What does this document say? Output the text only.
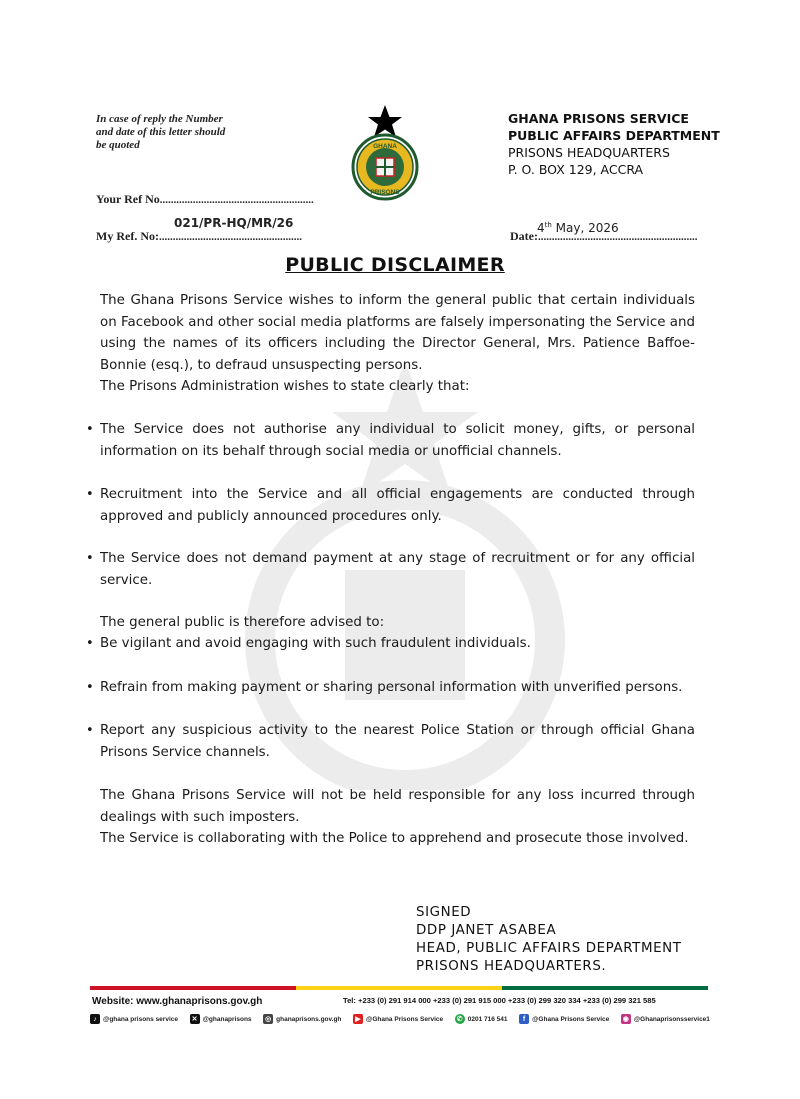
In case of reply the Number and date of this letter should be quoted	GHANA
PRISONS
GHANA PRISONS SERVICE
PUBLIC AFFAIRS DEPARTMENT
PRISONS HEADQUARTERS
P. O. BOX 129, ACCRA
Your Ref No........................................................
021/PR-HQ/MR/26
My Ref. No:....................................................
4th May, 2026
Date:..........................................................
PUBLIC DISCLAIMER
The Ghana Prisons Service wishes to inform the general public that certain individuals on Facebook and other social media platforms are falsely impersonating the Service and using the names of its officers including the Director General, Mrs. Patience Baffoe-Bonnie (esq.), to defraud unsuspecting persons.
The Prisons Administration wishes to state clearly that:
• The Service does not authorise any individual to solicit money, gifts, or personal information on its behalf through social media or unofficial channels.
• Recruitment into the Service and all official engagements are conducted through approved and publicly announced procedures only.
• The Service does not demand payment at any stage of recruitment or for any official service.
The general public is therefore advised to:
• Be vigilant and avoid engaging with such fraudulent individuals.
• Refrain from making payment or sharing personal information with unverified persons.
• Report any suspicious activity to the nearest Police Station or through official Ghana Prisons Service channels.
The Ghana Prisons Service will not be held responsible for any loss incurred through dealings with such imposters.
The Service is collaborating with the Police to apprehend and prosecute those involved.
SIGNED
DDP JANET ASABEA
HEAD, PUBLIC AFFAIRS DEPARTMENT
PRISONS HEADQUARTERS.
Website: www.ghanaprisons.gov.gh	Tel: +233 (0) 291 914 000 +233 (0) 291 915 000 +233 (0) 299 320 334 +233 (0) 299 321 585
♪ @ghana prisons service ✕ @ghanaprisons ◎ ghanaprisons.gov.gh	▶ @Ghana Prisons Service ✆ 0201 716 541	f	@Ghana Prisons Service ◉ @Ghanaprisonsservice1
